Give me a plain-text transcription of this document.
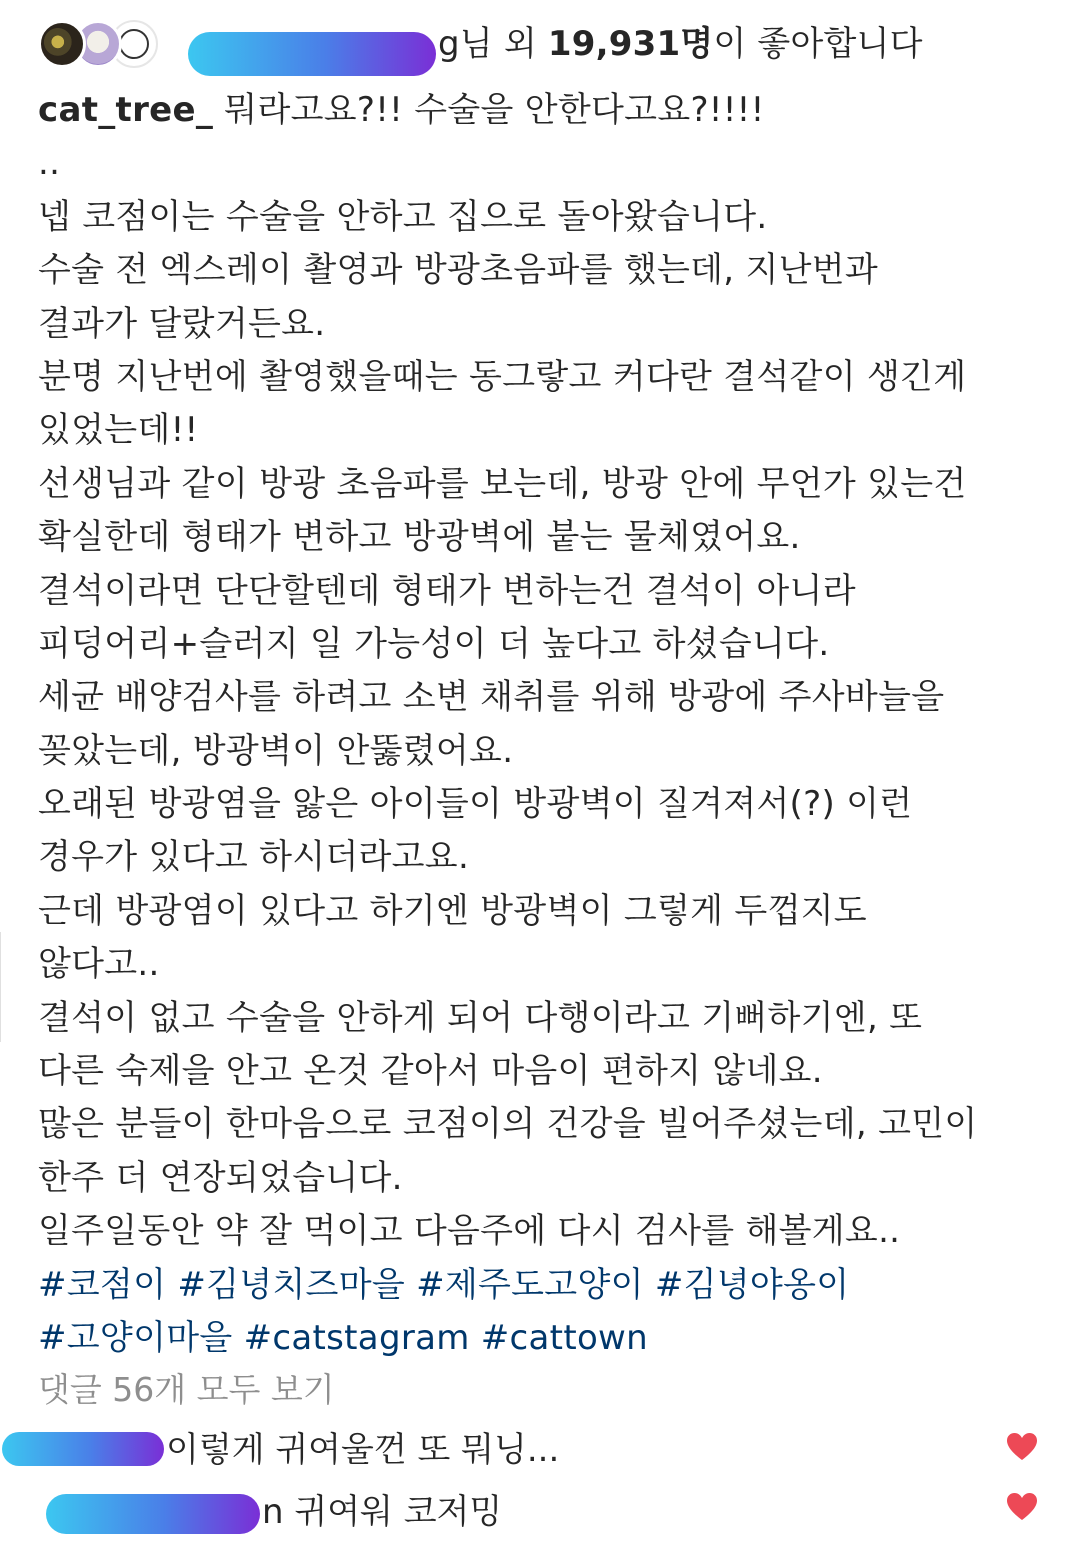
g님 외 19,931명이 좋아합니다
cat_tree_ 뭐라고요?!! 수술을 안한다고요?!!!!
..
넵 코점이는 수술을 안하고 집으로 돌아왔습니다.
수술 전 엑스레이 촬영과 방광초음파를 했는데, 지난번과
결과가 달랐거든요.
분명 지난번에 촬영했을때는 동그랗고 커다란 결석같이 생긴게
있었는데!!
선생님과 같이 방광 초음파를 보는데, 방광 안에 무언가 있는건
확실한데 형태가 변하고 방광벽에 붙는 물체였어요.
결석이라면 단단할텐데 형태가 변하는건 결석이 아니라
피덩어리+슬러지 일 가능성이 더 높다고 하셨습니다.
세균 배양검사를 하려고 소변 채취를 위해 방광에 주사바늘을
꽂았는데, 방광벽이 안뚫렸어요.
오래된 방광염을 앓은 아이들이 방광벽이 질겨져서(?) 이런
경우가 있다고 하시더라고요.
근데 방광염이 있다고 하기엔 방광벽이 그렇게 두껍지도
않다고..
결석이 없고 수술을 안하게 되어 다행이라고 기뻐하기엔, 또
다른 숙제을 안고 온것 같아서 마음이 편하지 않네요.
많은 분들이 한마음으로 코점이의 건강을 빌어주셨는데, 고민이
한주 더 연장되었습니다.
일주일동안 약 잘 먹이고 다음주에 다시 검사를 해볼게요..
#코점이 #김녕치즈마을 #제주도고양이 #김녕야옹이
#고양이마을 #catstagram #cattown
댓글 56개 모두 보기
이렇게 귀여울껀 또 뭐닝...
n 귀여워 코저밍
